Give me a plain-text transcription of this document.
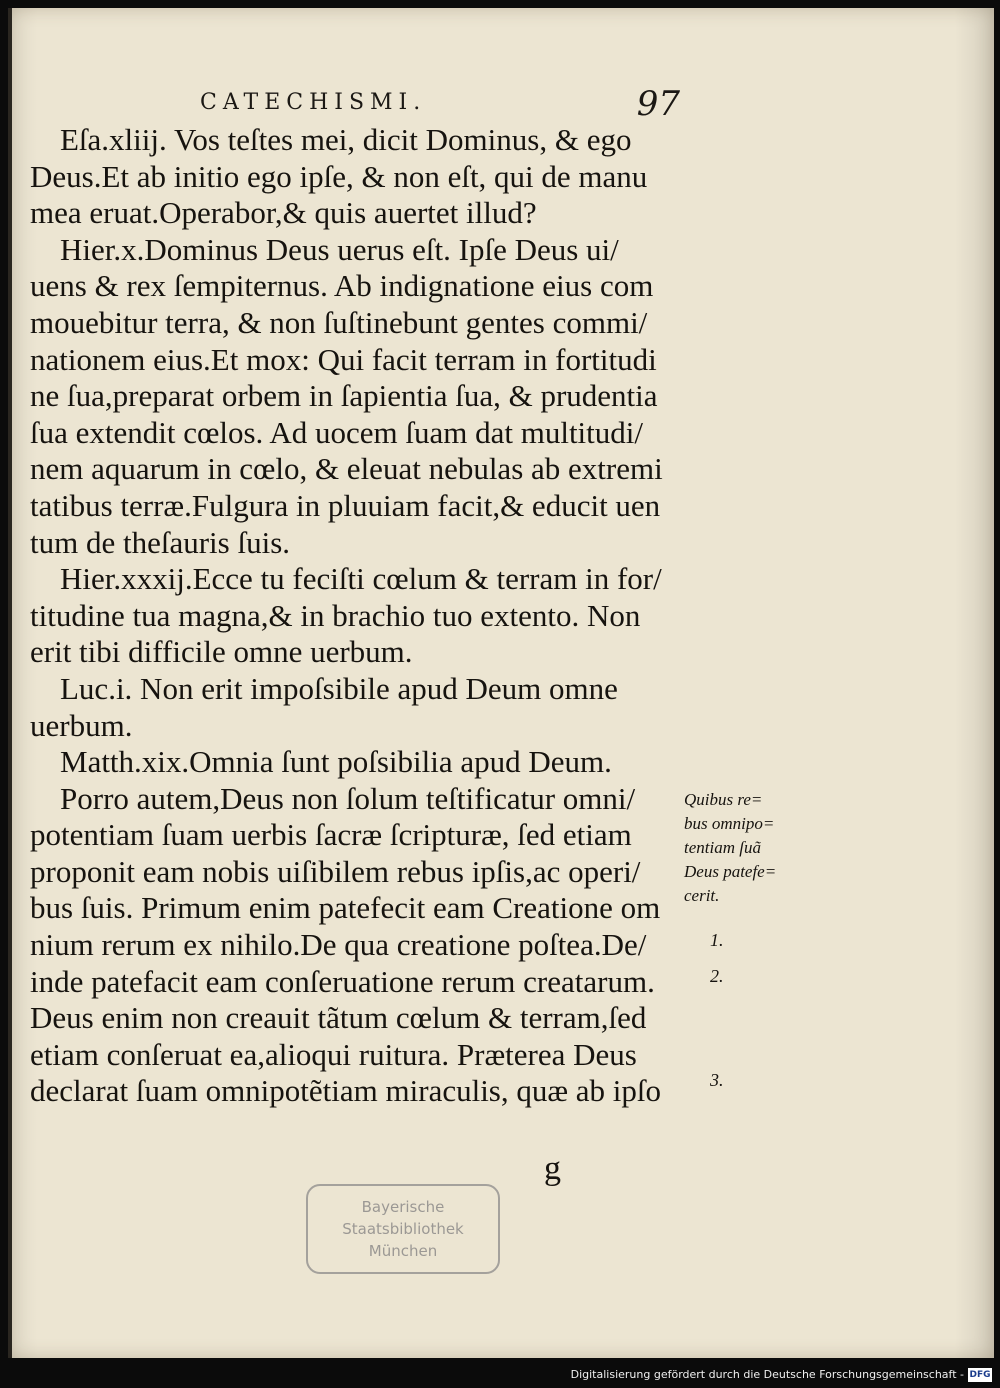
CATECHISMI.	97
Eſa.xliij. Vos teſtes mei, dicit Dominus, & ego
Deus.Et ab initio ego ipſe, & non eſt, qui de manu
mea eruat.Operabor,& quis auertet illud?
Hier.x.Dominus Deus uerus eſt. Ipſe Deus ui/
uens & rex ſempiternus. Ab indignatione eius com
mouebitur terra, & non ſuſtinebunt gentes commi/
nationem eius.Et mox: Qui facit terram in fortitudi
ne ſua,preparat orbem in ſapientia ſua, & prudentia
ſua extendit cœlos. Ad uocem ſuam dat multitudi/
nem aquarum in cœlo, & eleuat nebulas ab extremi
tatibus terræ.Fulgura in pluuiam facit,& educit uen
tum de theſauris ſuis.
Hier.xxxij.Ecce tu feciſti cœlum & terram in for/
titudine tua magna,& in brachio tuo extento. Non
erit tibi difficile omne uerbum.
Luc.i. Non erit impoſsibile apud Deum omne
uerbum.
Matth.xix.Omnia ſunt poſsibilia apud Deum.
Porro autem,Deus non ſolum teſtificatur omni/
potentiam ſuam uerbis ſacræ ſcripturæ, ſed etiam
proponit eam nobis uiſibilem rebus ipſis,ac operi/
bus ſuis. Primum enim patefecit eam Creatione om
nium rerum ex nihilo.De qua creatione poſtea.De/
inde patefacit eam conſeruatione rerum creatarum.
Deus enim non creauit tãtum cœlum & terram,ſed
etiam conſeruat ea,alioqui ruitura. Præterea Deus
declarat ſuam omnipotẽtiam miraculis, quæ ab ipſo
Quibus re=
bus omnipo=
tentiam ſuã
Deus patefe=
cerit.
1.
2.
3.
g
Bayerische
Staatsbibliothek
München
Digitalisierung gefördert durch die Deutsche Forschungsgemeinschaft - DFG
